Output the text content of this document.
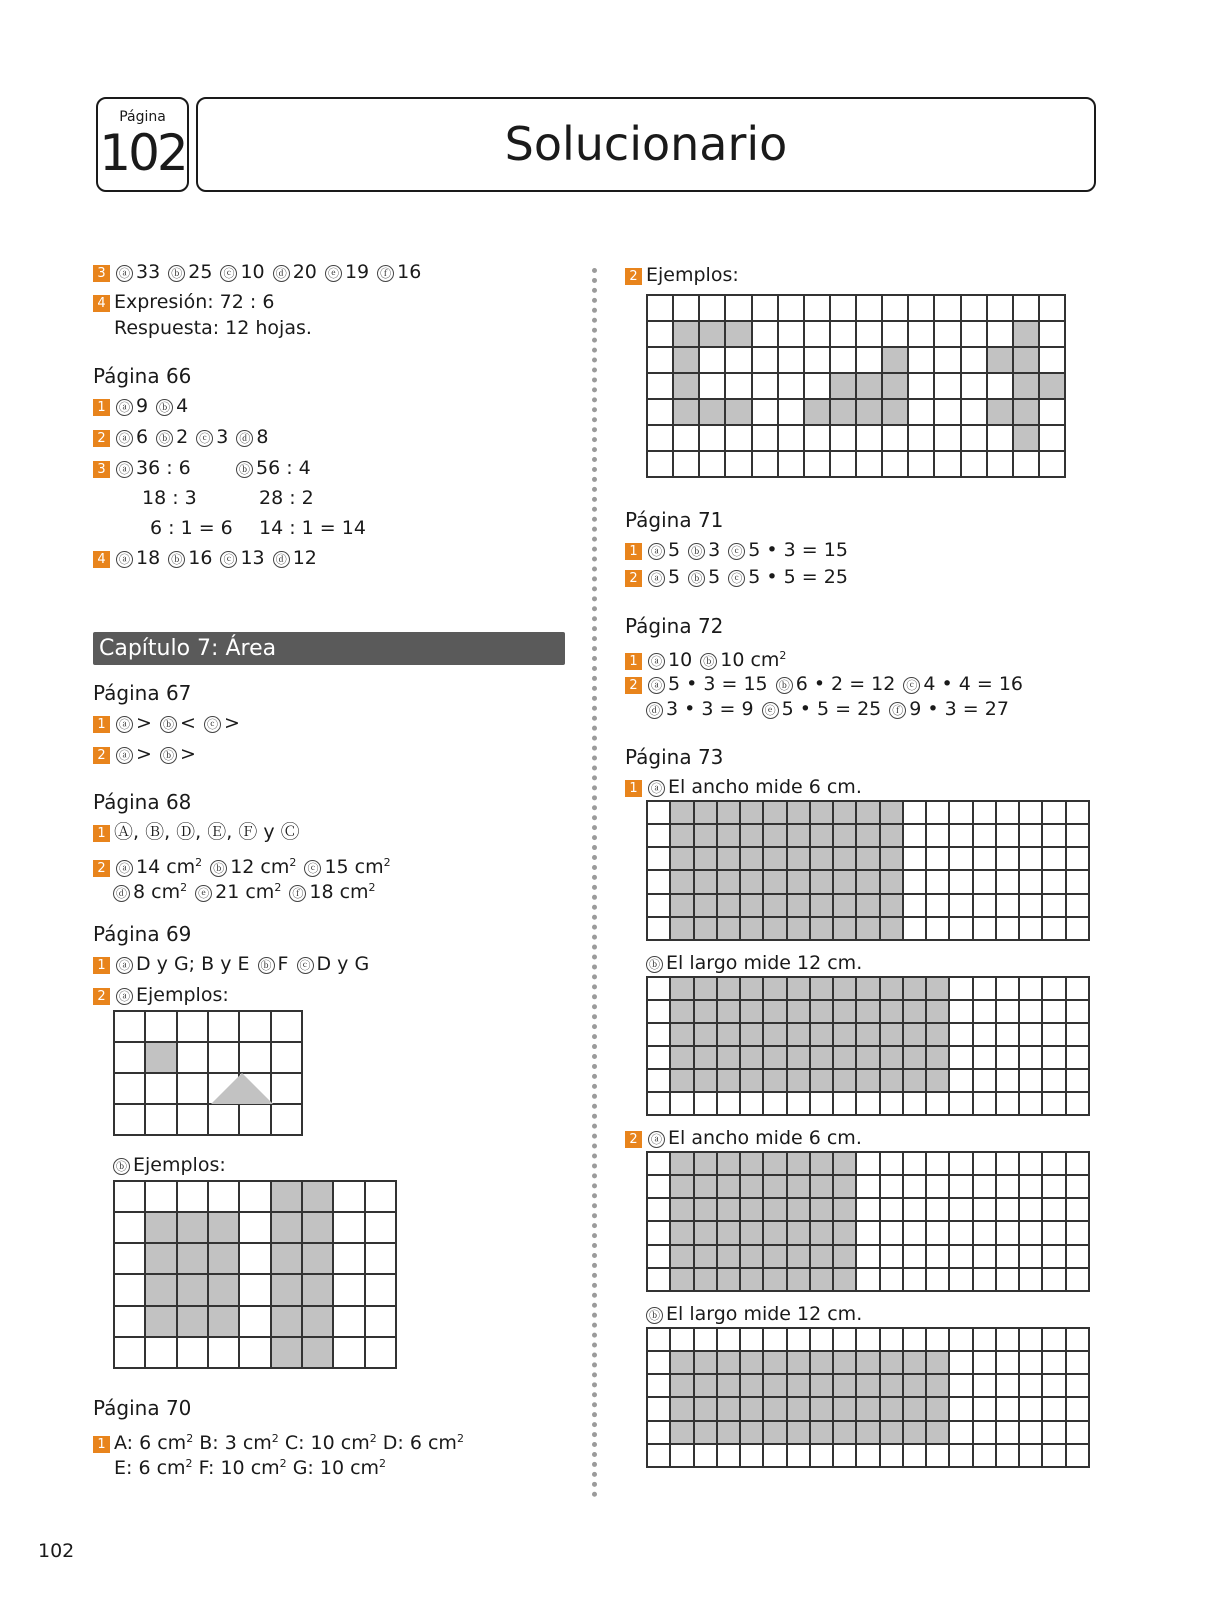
Página
102	Solucionario
3 ⓐ 33 ⓑ 25 ⓒ 10 ⓓ 20 ⓔ 19 ⓕ 16
4 Expresión: 72 : 6
Respuesta: 12 hojas.
Página 66
1 ⓐ 9 ⓑ 4
2 ⓐ 6 ⓑ 2 ⓒ 3 ⓓ 8
3 ⓐ 36 : 6	ⓑ 56 : 4
18 : 3	28 : 2
6 : 1 = 6 14 : 1 = 14
4 ⓐ 18 ⓑ 16 ⓒ 13 ⓓ 12
Capítulo 7: Área
Página 67
1 ⓐ > ⓑ < ⓒ >
2 ⓐ > ⓑ >
Página 68
1 Ⓐ, Ⓑ, Ⓓ, Ⓔ, Ⓕ y Ⓒ
2 ⓐ 14 $cm^2$ ⓑ 12 $cm^2$ ⓒ 15 $cm^2$
ⓓ 8 $cm^2$ ⓔ 21 $cm^2$ ⓕ 18 $cm^2$
Página 69
1 ⓐ D y G; B y E ⓑ F ⓒ D y G
2 ⓐ Ejemplos:
ⓑ Ejemplos:
Página 70
1 A: 6 $cm^2$ B: 3 $cm^2$ C: 10 $cm^2$ D: 6 $cm^2$
E: 6 $cm^2$ F: 10 $cm^2$ G: 10 $cm^2$
2 Ejemplos:
Página 71
1 ⓐ 5 ⓑ 3 ⓒ 5 • 3 = 15
2 ⓐ 5 ⓑ 5 ⓒ 5 • 5 = 25
Página 72
1 ⓐ 10 ⓑ 10 $cm^2$
2 ⓐ 5 • 3 = 15 ⓑ 6 • 2 = 12 ⓒ 4 • 4 = 16
ⓓ 3 • 3 = 9 ⓔ 5 • 5 = 25 ⓕ 9 • 3 = 27
Página 73
1 ⓐ El ancho mide 6 cm.
ⓑ El largo mide 12 cm.
2 ⓐ El ancho mide 6 cm.
ⓑ El largo mide 12 cm.
102
